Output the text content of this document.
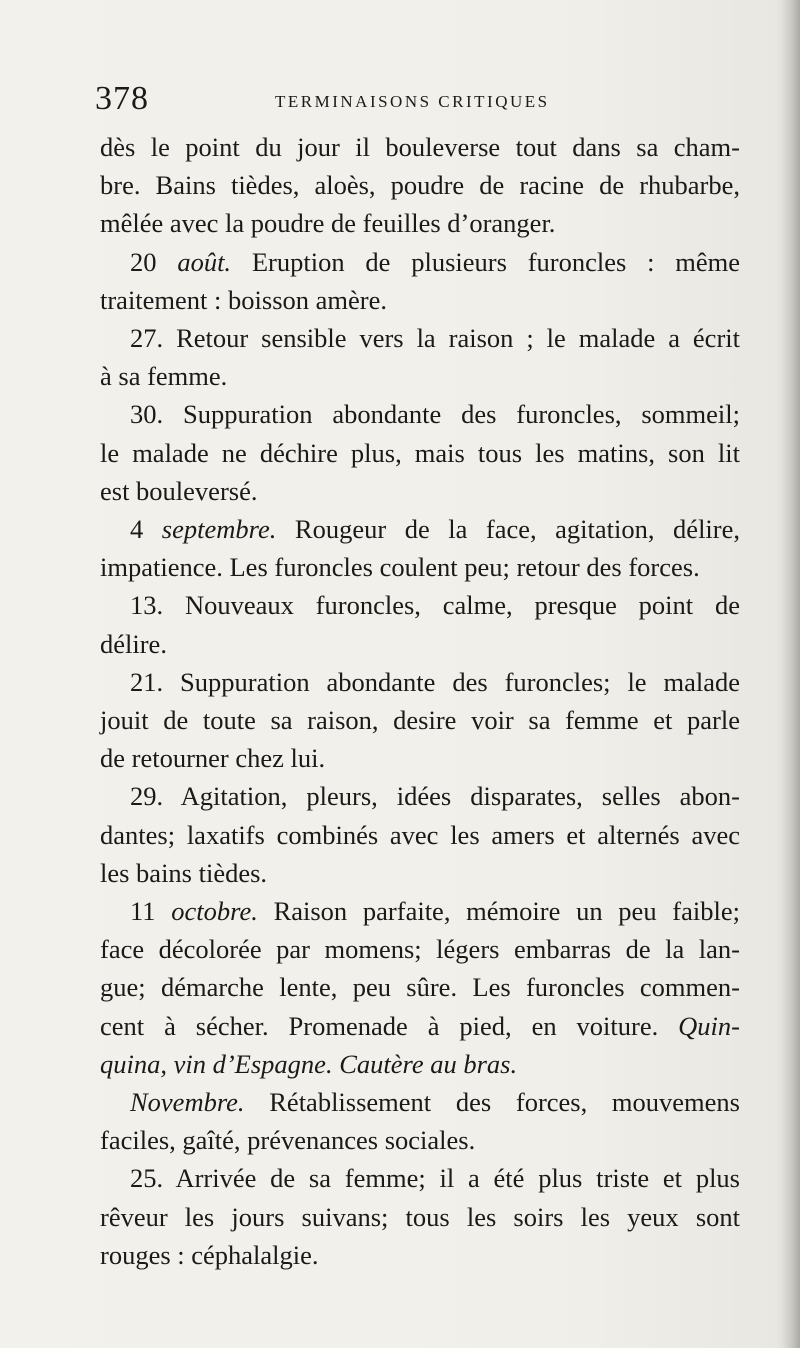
378	TERMINAISONS CRITIQUES
dès le point du jour il bouleverse tout dans sa cham-
bre. Bains tièdes, aloès, poudre de racine de rhubarbe,
mêlée avec la poudre de feuilles d’oranger.
20 août. Eruption de plusieurs furoncles : même
traitement : boisson amère.
27. Retour sensible vers la raison ; le malade a écrit
à sa femme.
30. Suppuration abondante des furoncles, sommeil;
le malade ne déchire plus, mais tous les matins, son lit
est bouleversé.
4 septembre. Rougeur de la face, agitation, délire,
impatience. Les furoncles coulent peu; retour des forces.
13. Nouveaux furoncles, calme, presque point de
délire.
21. Suppuration abondante des furoncles; le malade
jouit de toute sa raison, desire voir sa femme et parle
de retourner chez lui.
29. Agitation, pleurs, idées disparates, selles abon-
dantes; laxatifs combinés avec les amers et alternés avec
les bains tièdes.
11 octobre. Raison parfaite, mémoire un peu faible;
face décolorée par momens; légers embarras de la lan-
gue; démarche lente, peu sûre. Les furoncles commen-
cent à sécher. Promenade à pied, en voiture. Quin-
quina, vin d’Espagne. Cautère au bras.
Novembre. Rétablissement des forces, mouvemens
faciles, gaîté, prévenances sociales.
25. Arrivée de sa femme; il a été plus triste et plus
rêveur les jours suivans; tous les soirs les yeux sont
rouges : céphalalgie.
